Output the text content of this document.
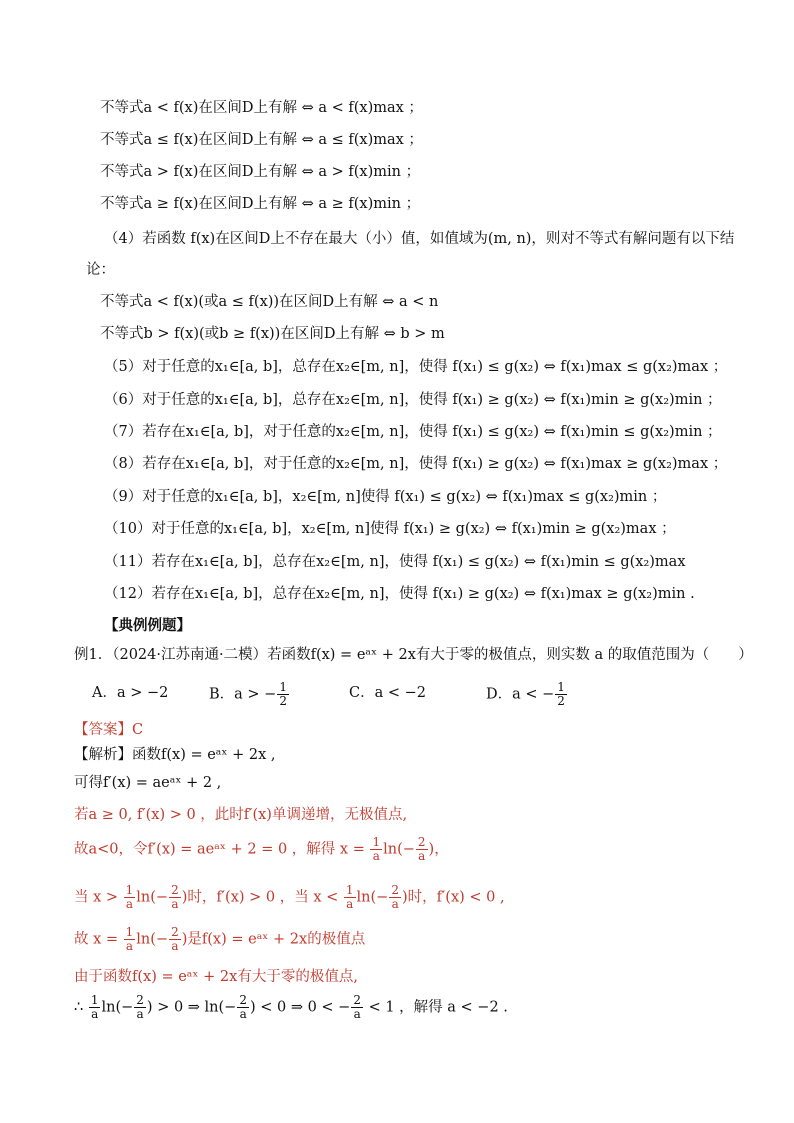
不等式a < f(x)在区间D上有解 ⇔ a < f(x)max ；
不等式a ≤ f(x)在区间D上有解 ⇔ a ≤ f(x)max ；
不等式a > f(x)在区间D上有解 ⇔ a > f(x)min ；
不等式a ≥ f(x)在区间D上有解 ⇔ a ≥ f(x)min ；
（4）若函数 f(x)在区间D上不存在最大（小）值，如值域为(m, n)，则对不等式有解问题有以下结
论：
不等式a < f(x)(或a ≤ f(x))在区间D上有解 ⇔ a < n
不等式b > f(x)(或b ≥ f(x))在区间D上有解 ⇔ b > m
（5）对于任意的x₁∈[a, b]，总存在x₂∈[m, n]，使得 f(x₁) ≤ g(x₂) ⇔ f(x₁)max ≤ g(x₂)max ；
（6）对于任意的x₁∈[a, b]，总存在x₂∈[m, n]，使得 f(x₁) ≥ g(x₂) ⇔ f(x₁)min ≥ g(x₂)min ；
（7）若存在x₁∈[a, b]，对于任意的x₂∈[m, n]，使得 f(x₁) ≤ g(x₂) ⇔ f(x₁)min ≤ g(x₂)min ；
（8）若存在x₁∈[a, b]，对于任意的x₂∈[m, n]，使得 f(x₁) ≥ g(x₂) ⇔ f(x₁)max ≥ g(x₂)max ；
（9）对于任意的x₁∈[a, b]，x₂∈[m, n]使得 f(x₁) ≤ g(x₂) ⇔ f(x₁)max ≤ g(x₂)min ；
（10）对于任意的x₁∈[a, b]，x₂∈[m, n]使得 f(x₁) ≥ g(x₂) ⇔ f(x₁)min ≥ g(x₂)max ；
（11）若存在x₁∈[a, b]，总存在x₂∈[m, n]，使得 f(x₁) ≤ g(x₂) ⇔ f(x₁)min ≤ g(x₂)max
（12）若存在x₁∈[a, b]，总存在x₂∈[m, n]，使得 f(x₁) ≥ g(x₂) ⇔ f(x₁)max ≥ g(x₂)min .
【典例例题】
例1．（2024·江苏南通·二模）若函数f(x) = eᵃˣ + 2x有大于零的极值点，则实数 a 的取值范围为（　　）
【答案】C
【解析】函数f(x) = eᵃˣ + 2x ,
可得f′(x) = aeᵃˣ + 2 ,
若a ≥ 0, f′(x) > 0 ，此时f′(x)单调递增，无极值点,
由于函数f(x) = eᵃˣ + 2x有大于零的极值点,
A．a > −2	B．a > − $\frac{1}{2}$	C．a < −2	D．a < − $\frac{1}{2}$
故a<0，令f′(x) = aeᵃˣ + 2 = 0 ，解得 $x = \frac{1}{a} \ln(- \frac{2}{a}$ )，
当 $x > \frac{1}{a} \ln(- \frac{2}{a}$ )时，f′(x) > 0 ，当 $x < \frac{1}{a} \ln(- \frac{2}{a}$ )时，f′(x) < 0 ,
故 $x = \frac{1}{a} \ln(- \frac{2}{a}$ )是f(x) = eᵃˣ + 2x的极值点
∴ $\frac{1}{a} \ln(- \frac{2}{a}$ ) > 0 ⇒ $\ln(- \frac{2}{a}$ ) < 0 ⇒ 0 < − $\frac{2}{a} < 1$ ，解得 a < −2 .
